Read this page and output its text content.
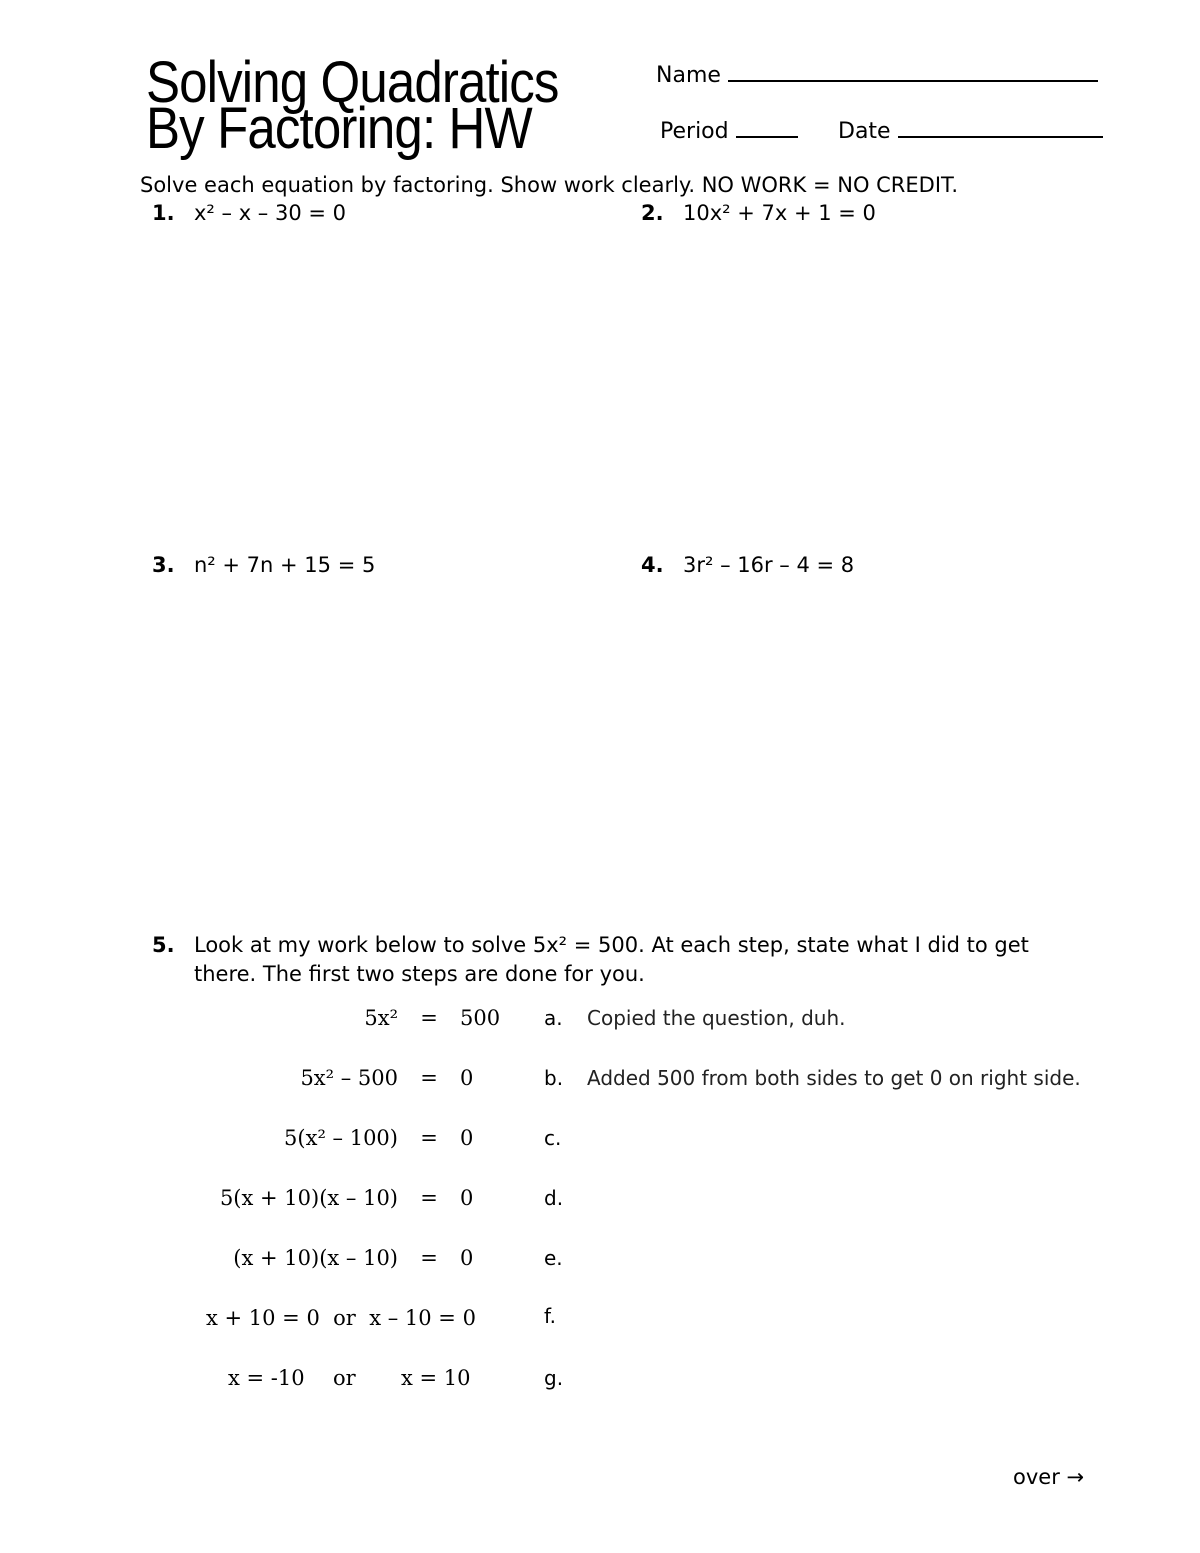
Solving Quadratics
By Factoring: HW
Name
Period	Date
Solve each equation by factoring. Show work clearly. NO WORK = NO CREDIT.
1. x² – x – 30 = 0	2. 10x² + 7x + 1 = 0
3. n² + 7n + 15 = 5	4. 3r² – 16r – 4 = 8
5. Look at my work below to solve 5x² = 500. At each step, state what I did to get
there. The first two steps are done for you.
5x² = 500 a. Copied the question, duh.
5x² – 500 = 0	b. Added 500 from both sides to get 0 on right side.
5(x² – 100) = 0	c.
5(x + 10)(x – 10) = 0	d.
(x + 10)(x – 10) = 0	e.
x + 10 = 0  or  x – 10 = 0	f.
x = -10 or x = 10	g.
over →
